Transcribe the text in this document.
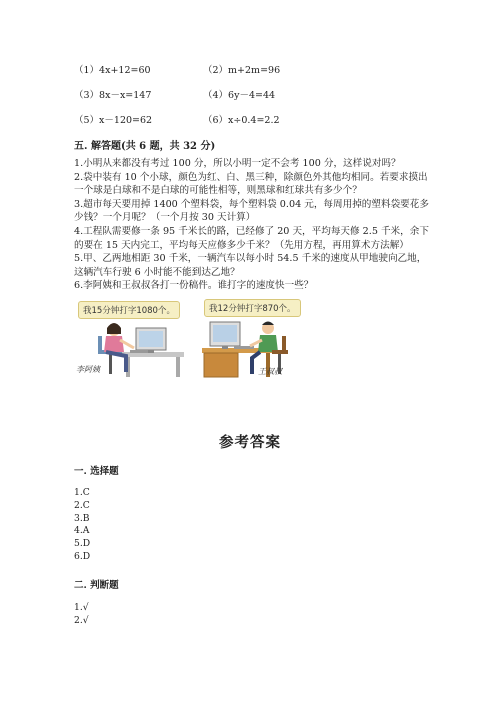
（1）4x+12=60	（2）m+2m=96
（3）8x－x=147	（4）6y－4=44
（5）x－120=62	（6）x÷0.4=2.2
五. 解答题(共 6 题，共 32 分)

1.小明从来都没有考过 100 分，所以小明一定不会考 100 分，这样说对吗？

2.袋中装有 10 个小球，颜色为红、白、黑三种，除颜色外其他均相同。若要求摸出一个球是白球和不是白球的可能性相等，则黑球和红球共有多少个？

3.超市每天要用掉 1400 个塑料袋，每个塑料袋 0.04 元，每周用掉的塑料袋要花多少钱？一个月呢？（一个月按 30 天计算）

4.工程队需要修一条 95 千米长的路，已经修了 20 天，平均每天修 2.5 千米，余下的要在 15 天内完工，平均每天应修多少千米？（先用方程，再用算术方法解）

5.甲、乙两地相距 30 千米，一辆汽车以每小时 54.5 千米的速度从甲地驶向乙地，这辆汽车行驶 6 小时能不能到达乙地？

6.李阿姨和王叔叔各打一份稿件。谁打字的速度快一些？

我15分钟打字1080个。
李阿姨
我12分钟打字870个。
王叔叔
参考答案
一. 选择题
1.C
2.C
3.B
4.A
5.D
6.D
二. 判断题
1.√
2.√
